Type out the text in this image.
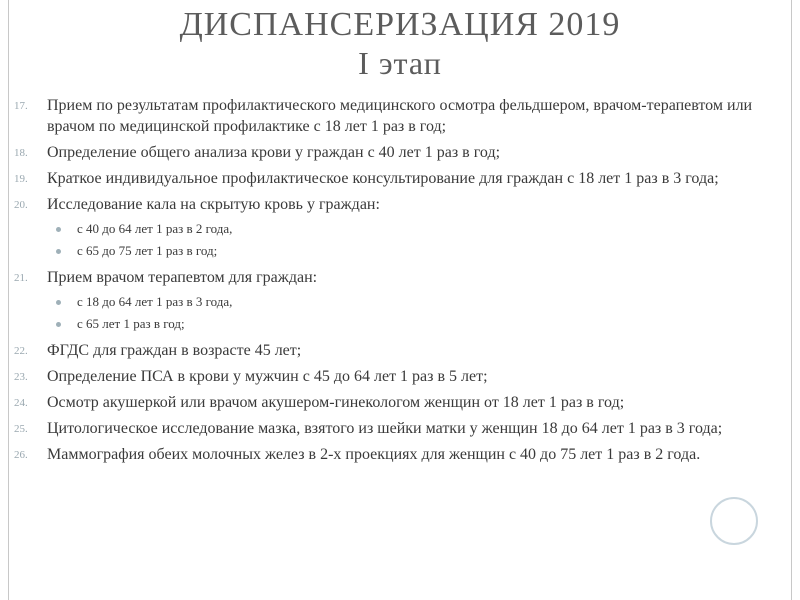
ДИСПАНСЕРИЗАЦИЯ 2019
I этап
17.	Прием по результатам профилактического медицинского осмотра фельдшером, врачом-терапевтом или врачом по медицинской профилактике с 18 лет 1 раз в год;
18.	Определение общего анализа крови у граждан с 40 лет 1 раз в год;
19.	Краткое индивидуальное профилактическое консультирование для граждан с 18 лет 1 раз в 3 года;
20.	Исследование кала на скрытую кровь у граждан:
с 40 до 64 лет 1 раз в 2 года,
с 65 до 75 лет 1 раз в год;
21.	Прием врачом терапевтом для граждан:
с 18 до 64 лет 1 раз в 3 года,
с 65 лет 1 раз в год;
22.	ФГДС для граждан в возрасте 45 лет;
23.	Определение ПСА в крови у мужчин с 45 до 64 лет 1 раз в 5 лет;
24.	Осмотр акушеркой или врачом акушером-гинекологом женщин от 18 лет 1 раз в год;
25.	Цитологическое исследование мазка, взятого из шейки матки у женщин 18 до 64 лет 1 раз в 3 года;
26.	Маммография обеих молочных желез в 2-х проекциях для женщин с 40 до 75 лет 1 раз в 2 года.
